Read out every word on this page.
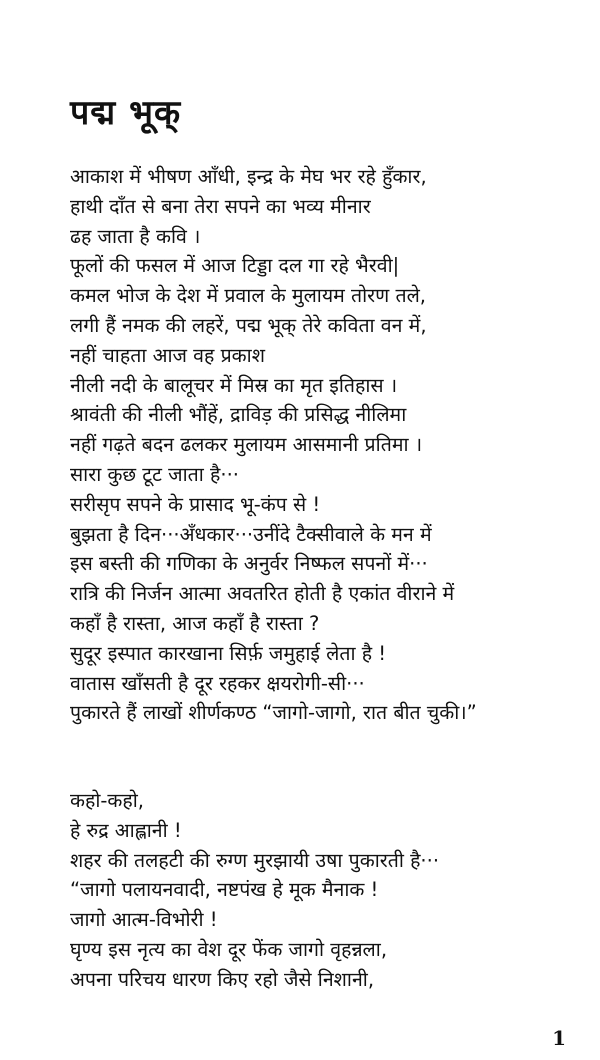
पद्म भूक्
आकाश में भीषण आँधी, इन्द्र के मेघ भर रहे हुँकार,
हाथी दाँत से बना तेरा सपने का भव्य मीनार
ढह जाता है कवि ।
फूलों की फसल में आज टिड्डा दल गा रहे भैरवी|
कमल भोज के देश में प्रवाल के मुलायम तोरण तले,
लगी हैं नमक की लहरें, पद्म भूक् तेरे कविता वन में,
नहीं चाहता आज वह प्रकाश
नीली नदी के बालूचर में मिस्र का मृत इतिहास ।
श्रावंती की नीली भौंहें, द्राविड़ की प्रसिद्ध नीलिमा
नहीं गढ़ते बदन ढलकर मुलायम आसमानी प्रतिमा ।
सारा कुछ टूट जाता है···
सरीसृप सपने के प्रासाद भू-कंप से !
बुझता है दिन···अँधकार···उनींदे टैक्सीवाले के मन में
इस बस्ती की गणिका के अनुर्वर निष्फल सपनों में···
रात्रि की निर्जन आत्मा अवतरित होती है एकांत वीराने में
कहाँ है रास्ता, आज कहाँ है रास्ता ?
सुदूर इस्पात कारखाना सिर्फ़ जमुहाई लेता है !
वातास खाँसती है दूर रहकर क्षयरोगी-सी···
पुकारते हैं लाखों शीर्णकण्ठ “जागो-जागो, रात बीत चुकी।”
कहो-कहो,
हे रुद्र आह्लानी !
शहर की तलहटी की रुग्ण मुरझायी उषा पुकारती है···
“जागो पलायनवादी, नष्टपंख हे मूक मैनाक !
जागो आत्म-विभोरी !
घृण्य इस नृत्य का वेश दूर फेंक जागो वृहन्नला,
अपना परिचय धारण किए रहो जैसे निशानी,
1
